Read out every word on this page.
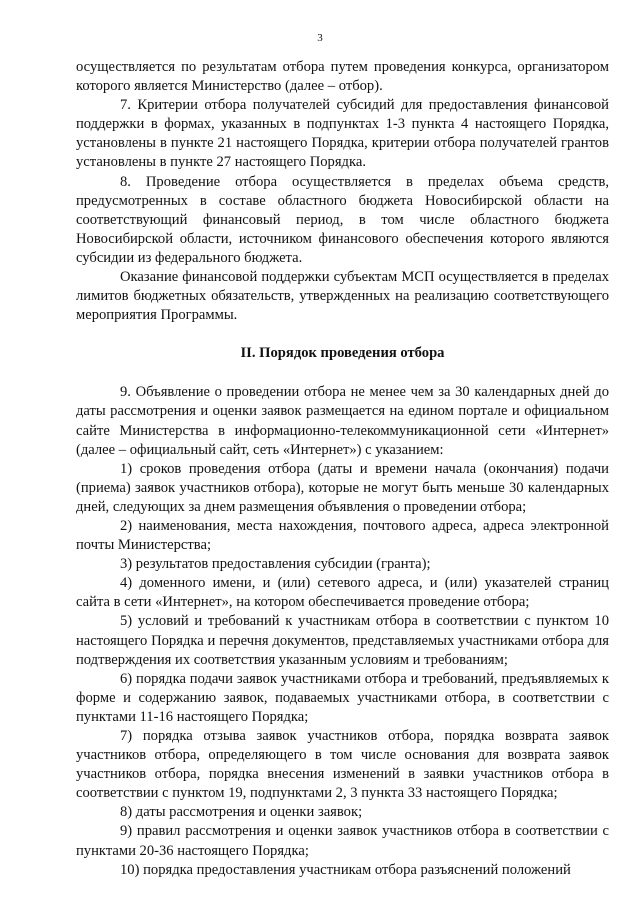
3

осуществляется по результатам отбора путем проведения конкурса, организатором которого является Министерство (далее – отбор).

7. Критерии отбора получателей субсидий для предоставления финансовой поддержки в формах, указанных в подпунктах 1-3 пункта 4 настоящего Порядка, установлены в пункте 21 настоящего Порядка, критерии отбора получателей грантов установлены в пункте 27 настоящего Порядка.

8. Проведение отбора осуществляется в пределах объема средств, предусмотренных в составе областного бюджета Новосибирской области на соответствующий финансовый период, в том числе областного бюджета Новосибирской области, источником финансового обеспечения которого являются субсидии из федерального бюджета.

Оказание финансовой поддержки субъектам МСП осуществляется в пределах лимитов бюджетных обязательств, утвержденных на реализацию соответствующего мероприятия Программы.

II. Порядок проведения отбора

9. Объявление о проведении отбора не менее чем за 30 календарных дней до даты рассмотрения и оценки заявок размещается на едином портале и официальном сайте Министерства в информационно-телекоммуникационной сети «Интернет» (далее – официальный сайт, сеть «Интернет») с указанием:

1) сроков проведения отбора (даты и времени начала (окончания) подачи (приема) заявок участников отбора), которые не могут быть меньше 30 календарных дней, следующих за днем размещения объявления о проведении отбора;

2) наименования, места нахождения, почтового адреса, адреса электронной почты Министерства;

3) результатов предоставления субсидии (гранта);

4) доменного имени, и (или) сетевого адреса, и (или) указателей страниц сайта в сети «Интернет», на котором обеспечивается проведение отбора;

5) условий и требований к участникам отбора в соответствии с пунктом 10 настоящего Порядка и перечня документов, представляемых участниками отбора для подтверждения их соответствия указанным условиям и требованиям;

6) порядка подачи заявок участниками отбора и требований, предъявляемых к форме и содержанию заявок, подаваемых участниками отбора, в соответствии с пунктами 11-16 настоящего Порядка;

7) порядка отзыва заявок участников отбора, порядка возврата заявок участников отбора, определяющего в том числе основания для возврата заявок участников отбора, порядка внесения изменений в заявки участников отбора в соответствии с пунктом 19, подпунктами 2, 3 пункта 33 настоящего Порядка;

8) даты рассмотрения и оценки заявок;

9) правил рассмотрения и оценки заявок участников отбора в соответствии с пунктами 20-36 настоящего Порядка;

10) порядка предоставления участникам отбора разъяснений положений
